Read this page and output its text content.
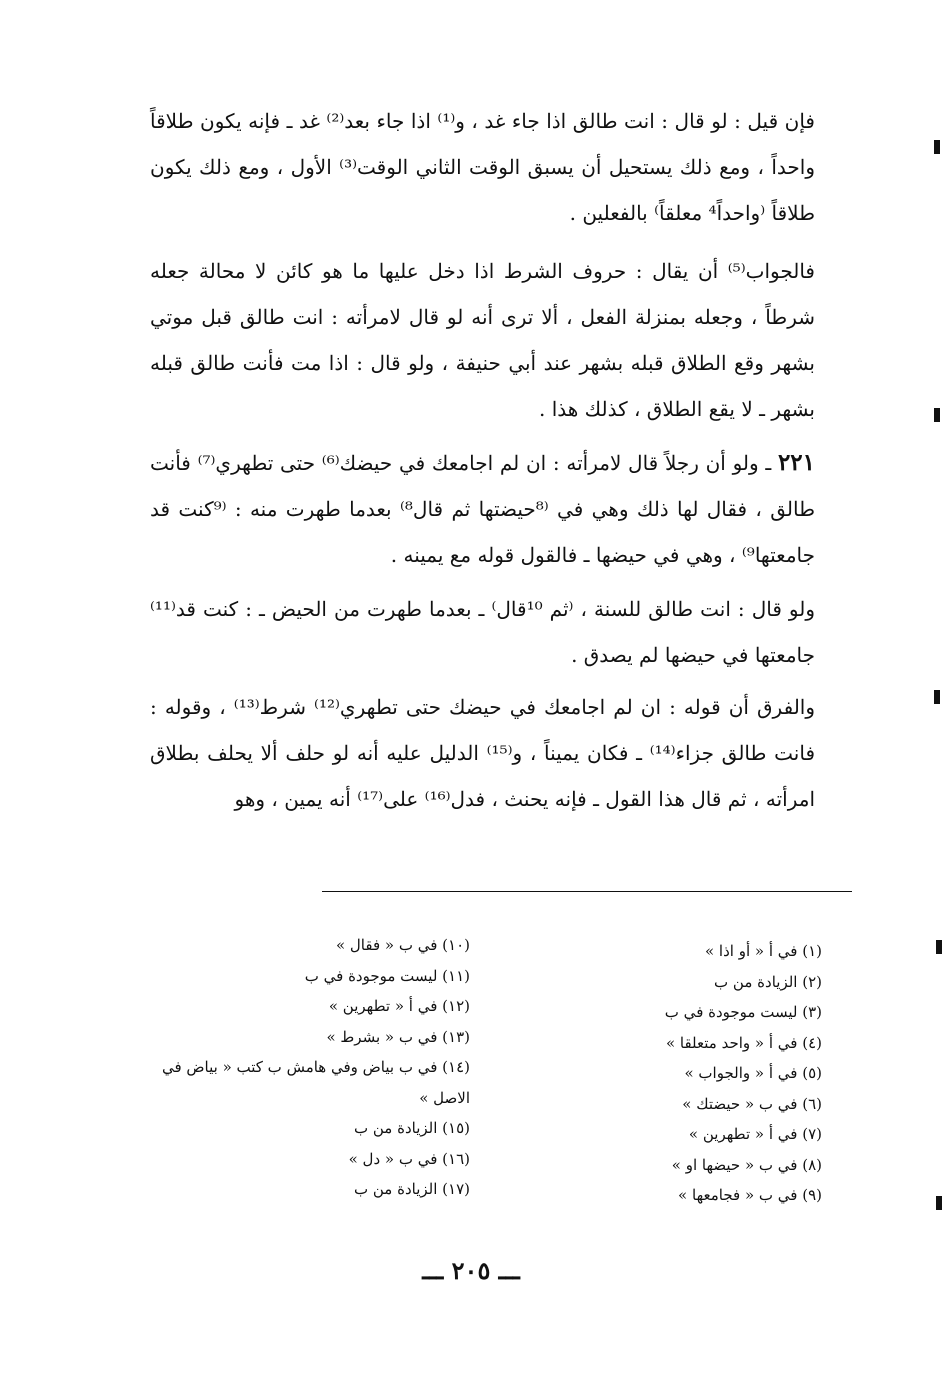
فإن قيل : لو قال : انت طالق اذا جاء غد ، و⁽¹⁾ اذا جاء بعد⁽²⁾ غد ـ فإنه يكون طلاقاً واحداً ، ومع ذلك يستحيل أن يسبق الوقت الثاني الوقت⁽³⁾ الأول ، ومع ذلك يكون طلاقاً ⁽واحداً⁴ معلقاً⁾ بالفعلين .

فالجواب⁽⁵⁾ أن يقال : حروف الشرط اذا دخل عليها ما هو كائن لا محالة جعله شرطاً ، وجعله بمنزلة الفعل ، ألا ترى أنه لو قال لامرأته : انت طالق قبل موتي بشهر وقع الطلاق قبله بشهر عند أبي حنيفة ، ولو قال : اذا مت فأنت طالق قبله بشهر ـ لا يقع الطلاق ، كذلك هذا .

٢٢١ ـ ولو أن رجلاً قال لامرأته : ان لم اجامعك في حيضك⁽⁶⁾ حتى تطهري⁽⁷⁾ فأنت طالق ، فقال لها ذلك وهي في ⁽⁸حيضتها ثم قال⁸⁾ بعدما طهرت منه : ⁽⁹كنت قد جامعتها⁹⁾ ، وهي في حيضها ـ فالقول قوله مع يمينه .

ولو قال : انت طالق للسنة ، ⁽ثم ¹⁰قال⁾ ـ بعدما طهرت من الحيض ـ : كنت قد⁽¹¹⁾ جامعتها في حيضها لم يصدق .

والفرق أن قوله : ان لم اجامعك في حيضك حتى تطهري⁽¹²⁾ شرط⁽¹³⁾ ، وقوله : فانت طالق جزاء⁽¹⁴⁾ ـ فكان يميناً ، و⁽¹⁵⁾ الدليل عليه أنه لو حلف ألا يحلف بطلاق امرأته ، ثم قال هذا القول ـ فإنه يحنث ، فدل⁽¹⁶⁾ على⁽¹⁷⁾ أنه يمين ، وهو

(١) في أ « أو اذا »
(٢) الزيادة من ب
(٣) ليست موجودة في ب
(٤) في أ « واحد متعلقا »
(٥) في أ « والجواب »
(٦) في ب « حيضتك »
(٧) في أ « تطهرين »
(٨) في ب « حيضها او »
(٩) في ب « فجامعها »
(١٠) في ب « فقال »
(١١) ليست موجودة في ب
(١٢) في أ « تطهرين »
(١٣) في ب « بشرط »
(١٤) في ب بياض وفي هامش ب كتب « بياض في الاصل »
(١٥) الزيادة من ب
(١٦) في ب « دل »
(١٧) الزيادة من ب
ـــ ٢٠٥ ـــ
